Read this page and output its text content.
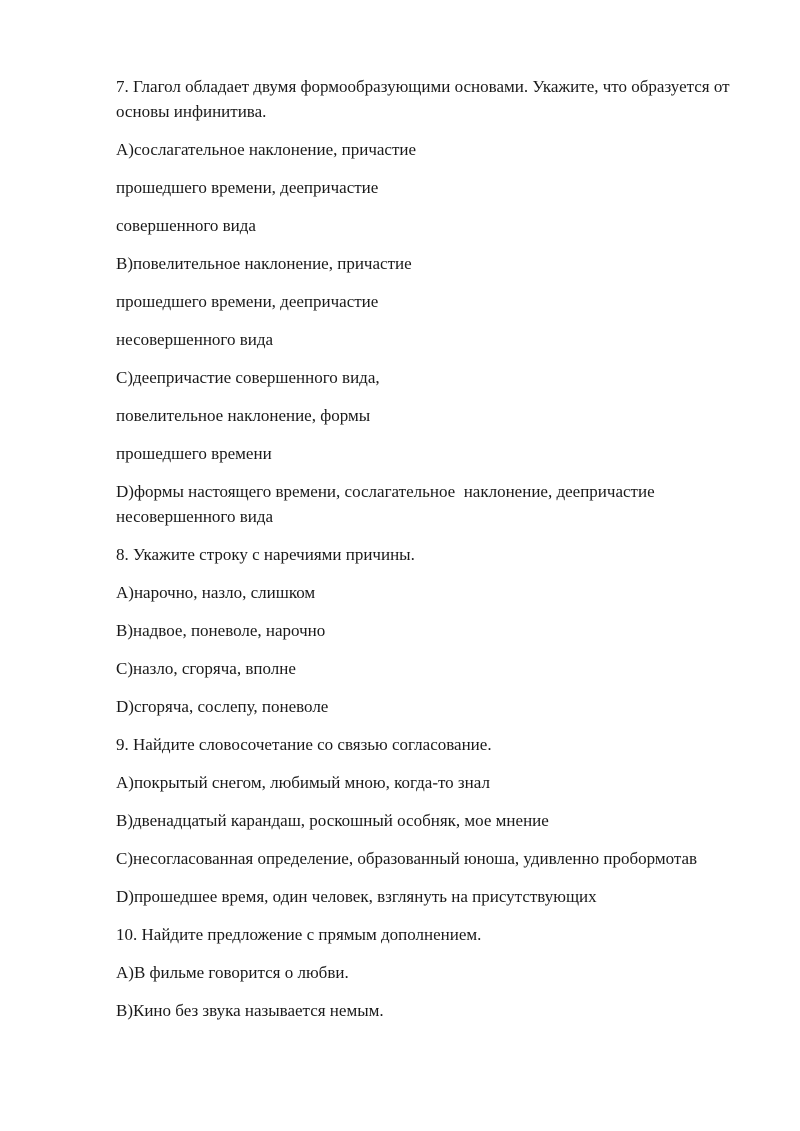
7. Глагол обладает двумя формообразующими основами. Укажите, что образуется от основы инфинитива.

A)сослагательное наклонение, причастие

прошедшего времени, деепричастие

совершенного вида

B)повелительное наклонение, причастие

прошедшего времени, деепричастие

несовершенного вида

C)деепричастие совершенного вида,

повелительное наклонение, формы

прошедшего времени

D)формы настоящего времени, сослагательное  наклонение, деепричастие несовершенного вида

8. Укажите строку с наречиями причины.

A)нарочно, назло, слишком

B)надвое, поневоле, нарочно

C)назло, сгоряча, вполне

D)сгоряча, сослепу, поневоле

9. Найдите словосочетание со связью согласование.

A)покрытый снегом, любимый мною, когда-то знал

B)двенадцатый карандаш, роскошный особняк, мое мнение

C)несогласованная определение, образованный юноша, удивленно пробормотав

D)прошедшее время, один человек, взглянуть на присутствующих

10. Найдите предложение с прямым дополнением.

A)В фильме говорится о любви.

B)Кино без звука называется немым.
